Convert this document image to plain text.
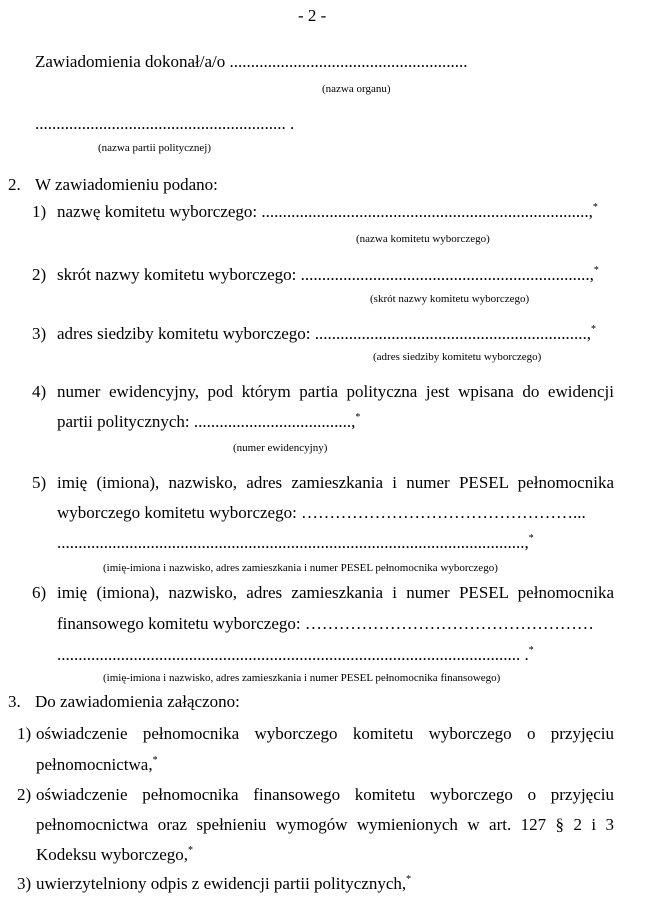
- 2 -
Zawiadomienia dokonał/a/o ........................................................
(nazwa organu)
........................................................... .
(nazwa partii politycznej)
2. W zawiadomieniu podano:
1) nazwę komitetu wyborczego: .............................................................................,*
(nazwa komitetu wyborczego)
2) skrót nazwy komitetu wyborczego: ....................................................................,*
(skrót nazwy komitetu wyborczego)
3) adres siedziby komitetu wyborczego: ................................................................,*
(adres siedziby komitetu wyborczego)
4) numer ewidencyjny, pod którym partia polityczna jest wpisana do ewidencji
partii politycznych: .....................................,*
(numer ewidencyjny)
5) imię (imiona), nazwisko, adres zamieszkania i numer PESEL pełnomocnika
wyborczego komitetu wyborczego: …………………………………………...
..............................................................................................................,*
(imię-imiona i nazwisko, adres zamieszkania i numer PESEL pełnomocnika wyborczego)
6) imię (imiona), nazwisko, adres zamieszkania i numer PESEL pełnomocnika
finansowego komitetu wyborczego: ……………………………………………
............................................................................................................. .*
(imię-imiona i nazwisko, adres zamieszkania i numer PESEL pełnomocnika finansowego)
3. Do zawiadomienia załączono:
1) oświadczenie pełnomocnika wyborczego komitetu wyborczego o przyjęciu
pełnomocnictwa,*
2) oświadczenie pełnomocnika finansowego komitetu wyborczego o przyjęciu
pełnomocnictwa oraz spełnieniu wymogów wymienionych w art. 127 § 2 i 3
Kodeksu wyborczego,*
3) uwierzytelniony odpis z ewidencji partii politycznych,*
